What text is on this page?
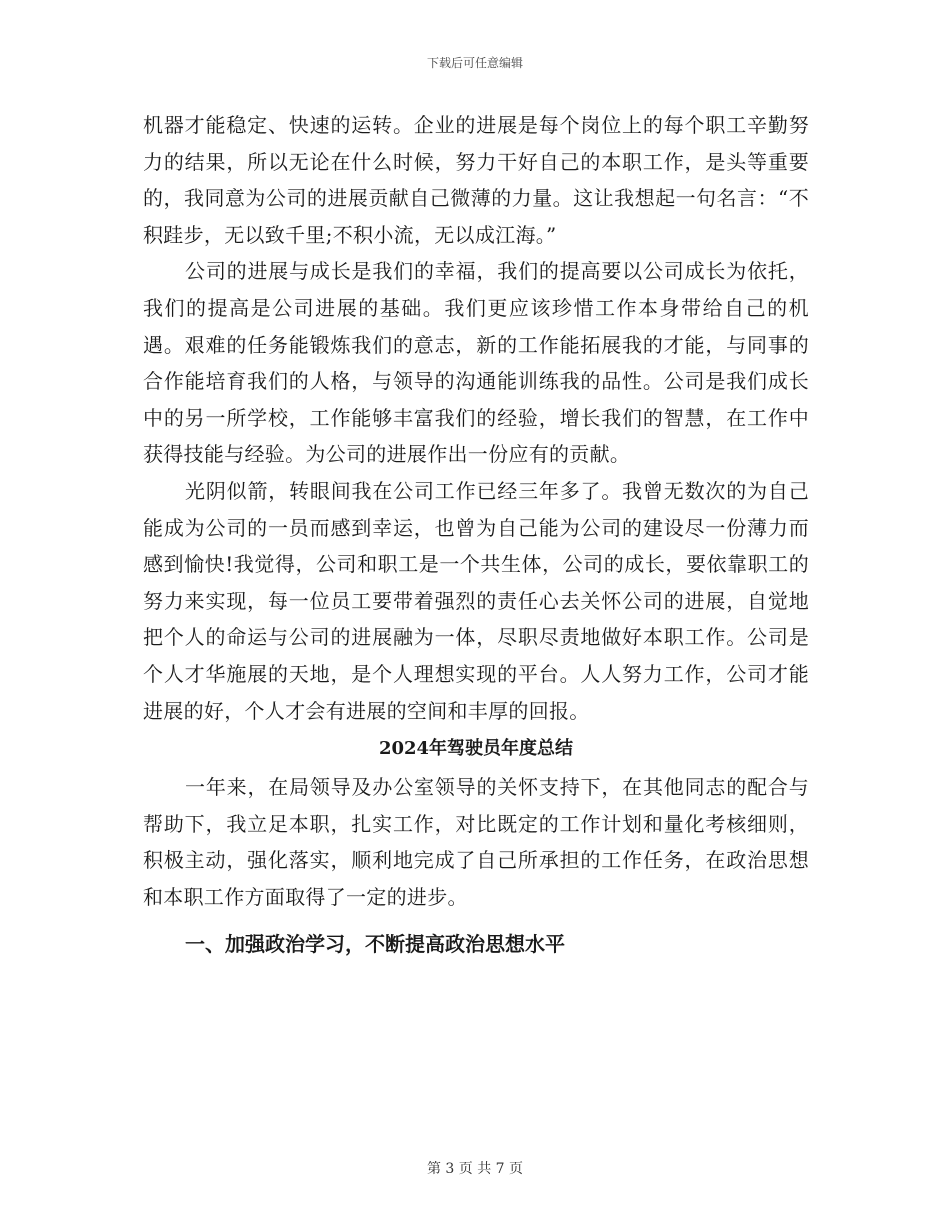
下载后可任意编辑

机器才能稳定、快速的运转。企业的进展是每个岗位上的每个职工辛勤努力的结果，所以无论在什么时候，努力干好自己的本职工作，是头等重要的，我同意为公司的进展贡献自己微薄的力量。这让我想起一句名言：“不积跬步，无以致千里;不积小流，无以成江海。”

公司的进展与成长是我们的幸福，我们的提高要以公司成长为依托，我们的提高是公司进展的基础。我们更应该珍惜工作本身带给自己的机遇。艰难的任务能锻炼我们的意志，新的工作能拓展我的才能，与同事的合作能培育我们的人格，与领导的沟通能训练我的品性。公司是我们成长中的另一所学校，工作能够丰富我们的经验，增长我们的智慧，在工作中获得技能与经验。为公司的进展作出一份应有的贡献。

光阴似箭，转眼间我在公司工作已经三年多了。我曾无数次的为自己能成为公司的一员而感到幸运，也曾为自己能为公司的建设尽一份薄力而感到愉快!我觉得，公司和职工是一个共生体，公司的成长，要依靠职工的努力来实现，每一位员工要带着强烈的责任心去关怀公司的进展，自觉地把个人的命运与公司的进展融为一体，尽职尽责地做好本职工作。公司是个人才华施展的天地，是个人理想实现的平台。人人努力工作，公司才能进展的好，个人才会有进展的空间和丰厚的回报。

2024年驾驶员年度总结

一年来，在局领导及办公室领导的关怀支持下，在其他同志的配合与帮助下，我立足本职，扎实工作，对比既定的工作计划和量化考核细则，积极主动，强化落实，顺利地完成了自己所承担的工作任务，在政治思想和本职工作方面取得了一定的进步。

一、加强政治学习，不断提高政治思想水平
第 3 页 共 7 页
